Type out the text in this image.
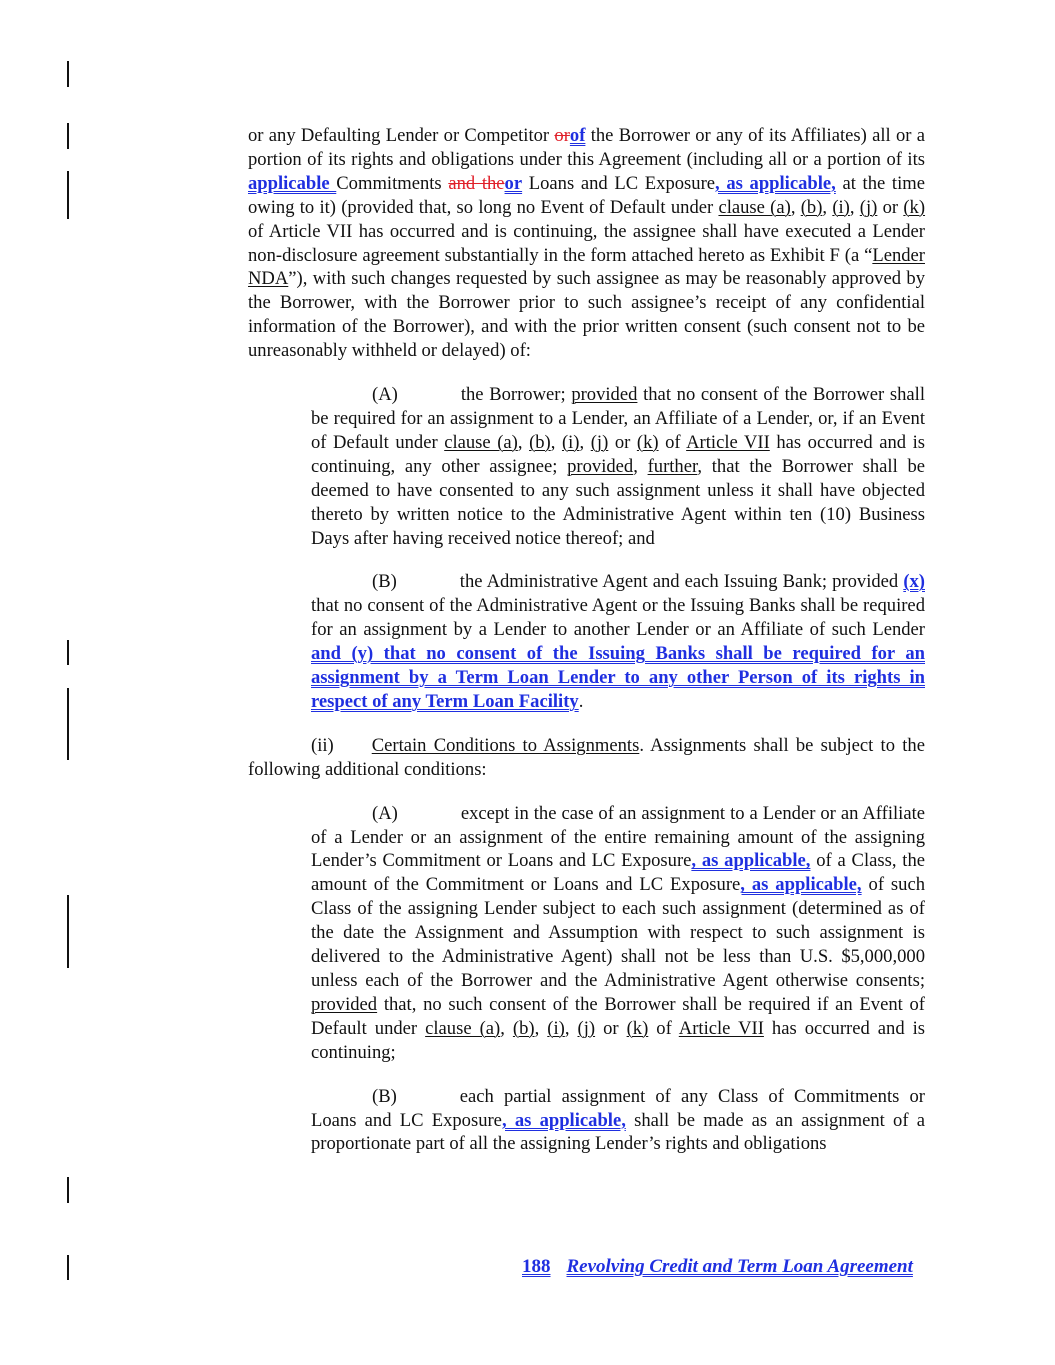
or any Defaulting Lender or Competitor orof the Borrower or any of its Affiliates) all or a portion of its rights and obligations under this Agreement (including all or a portion of its applicable Commitments and theor Loans and LC Exposure, as applicable, at the time owing to it) (provided that, so long no Event of Default under clause (a), (b), (i), (j) or (k) of Article VII has occurred and is continuing, the assignee shall have executed a Lender non-disclosure agreement substantially in the form attached hereto as Exhibit F (a “Lender NDA”), with such changes requested by such assignee as may be reasonably approved by the Borrower, with the Borrower prior to such assignee’s receipt of any confidential information of the Borrower), and with the prior written consent (such consent not to be unreasonably withheld or delayed) of:

(A)	the Borrower; provided that no consent of the Borrower shall be required for an assignment to a Lender, an Affiliate of a Lender, or, if an Event of Default under clause (a), (b), (i), (j) or (k) of Article VII has occurred and is continuing, any other assignee; provided, further, that the Borrower shall be deemed to have consented to any such assignment unless it shall have objected thereto by written notice to the Administrative Agent within ten (10) Business Days after having received notice thereof; and

(B)	the Administrative Agent and each Issuing Bank; provided (x) that no consent of the Administrative Agent or the Issuing Banks shall be required for an assignment by a Lender to another Lender or an Affiliate of such Lender and (y) that no consent of the Issuing Banks shall be required for an assignment by a Term Loan Lender to any other Person of its rights in respect of any Term Loan Facility.

(ii) Certain Conditions to Assignments. Assignments shall be subject to the following additional conditions:

(A)	except in the case of an assignment to a Lender or an Affiliate of a Lender or an assignment of the entire remaining amount of the assigning Lender’s Commitment or Loans and LC Exposure, as applicable, of a Class, the amount of the Commitment or Loans and LC Exposure, as applicable, of such Class of the assigning Lender subject to each such assignment (determined as of the date the Assignment and Assumption with respect to such assignment is delivered to the Administrative Agent) shall not be less than U.S. $5,000,000 unless each of the Borrower and the Administrative Agent otherwise consents; provided that, no such consent of the Borrower shall be required if an Event of Default under clause (a), (b), (i), (j) or (k) of Article VII has occurred and is continuing;

(B)	each partial assignment of any Class of Commitments or Loans and LC Exposure, as applicable, shall be made as an assignment of a proportionate part of all the assigning Lender’s rights and obligations

188 Revolving Credit and Term Loan Agreement
